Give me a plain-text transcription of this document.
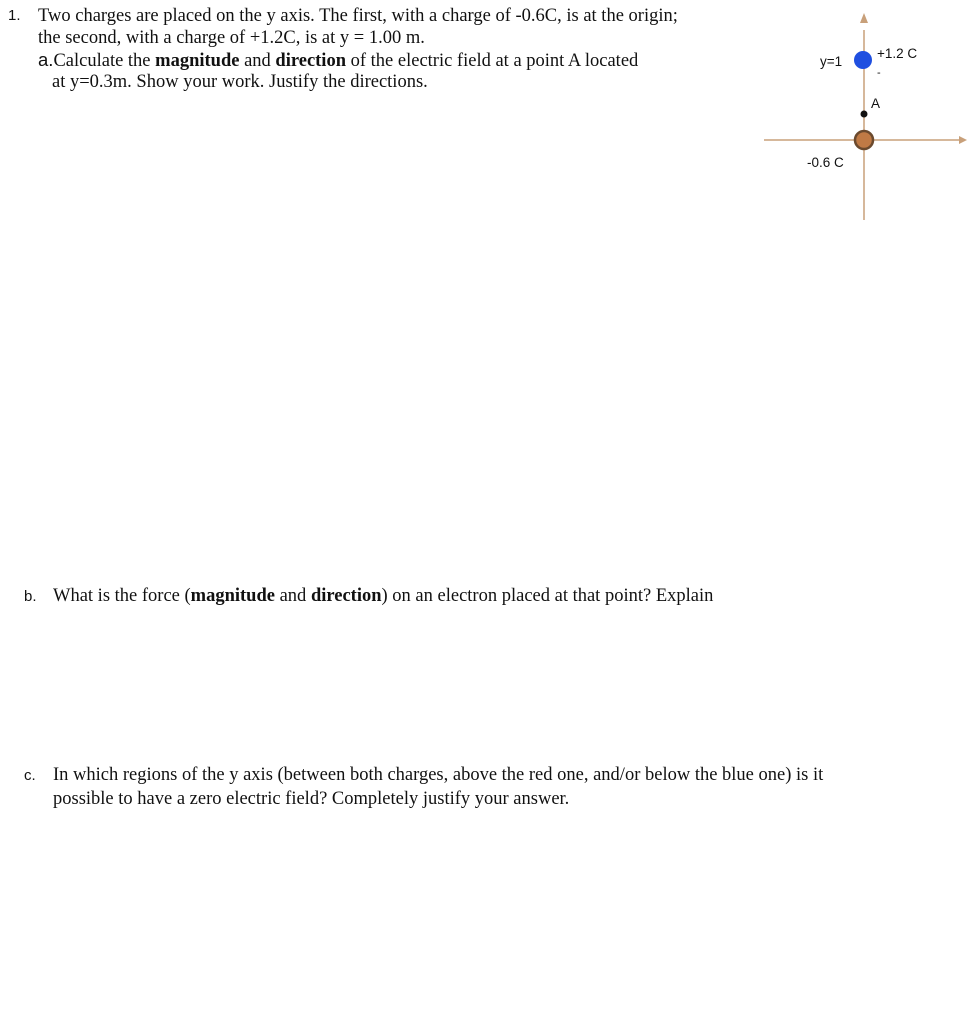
1. Two charges are placed on the y axis. The first, with a charge of -0.6C, is at the origin;
the second, with a charge of +1.2C, is at y = 1.00 m.
a.Calculate the magnitude and direction of the electric field at a point A located
at y=0.3m. Show your work. Justify the directions.
y=1
+1.2 C
-
A
-0.6 C
b. What is the force (magnitude and direction) on an electron placed at that point? Explain
c. In which regions of the y axis (between both charges, above the red one, and/or below the blue one) is it
possible to have a zero electric field? Completely justify your answer.
